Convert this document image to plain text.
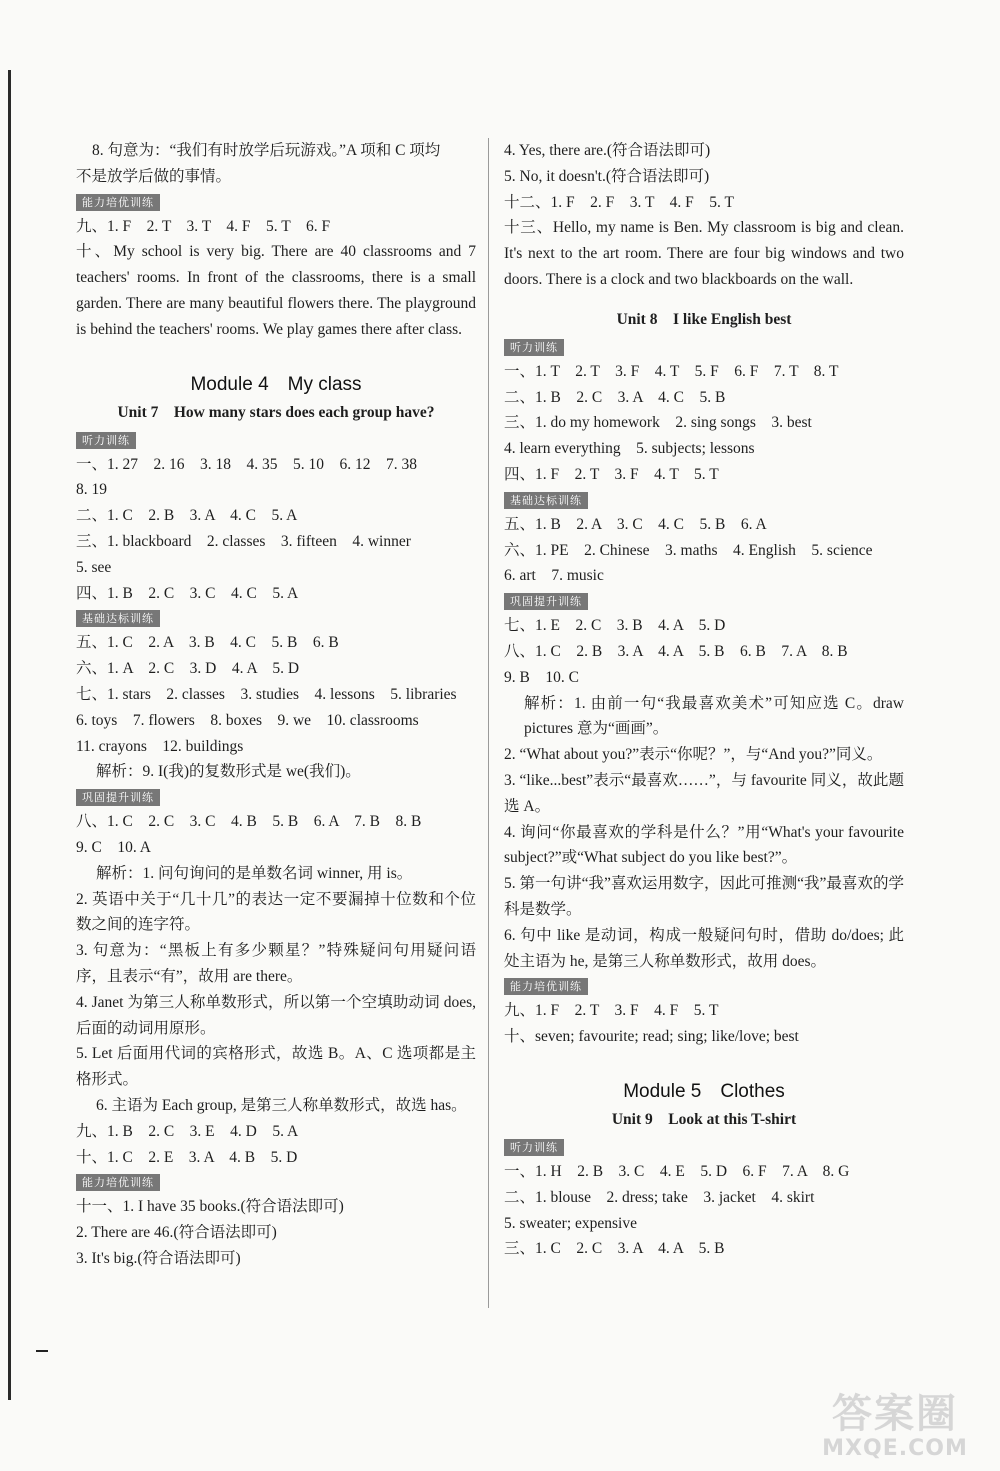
8. 句意为：“我们有时放学后玩游戏。”A 项和 C 项均
不是放学后做的事情。
能力培优训练
九、1. F　2. T　3. T　4. F　5. T　6. F
十、My school is very big. There are 40 classrooms and 7 teachers' rooms. In front of the classrooms, there is a small garden. There are many beautiful flowers there. The playground is behind the teachers' rooms. We play games there after class.
Module 4　My class
Unit 7　How many stars does each group have?
听力训练
一、1. 27　2. 16　3. 18　4. 35　5. 10　6. 12　7. 38
8. 19
二、1. C　2. B　3. A　4. C　5. A
三、1. blackboard　2. classes　3. fifteen　4. winner
5. see
四、1. B　2. C　3. C　4. C　5. A
基础达标训练
五、1. C　2. A　3. B　4. C　5. B　6. B
六、1. A　2. C　3. D　4. A　5. D
七、1. stars　2. classes　3. studies　4. lessons　5. libraries
6. toys　7. flowers　8. boxes　9. we　10. classrooms
11. crayons　12. buildings
解析：9. I(我)的复数形式是 we(我们)。
巩固提升训练
八、1. C　2. C　3. C　4. B　5. B　6. A　7. B　8. B
9. C　10. A
解析：1. 问句询问的是单数名词 winner, 用 is。
2. 英语中关于“几十几”的表达一定不要漏掉十位数和个位数之间的连字符。
3. 句意为：“黑板上有多少颗星？”特殊疑问句用疑问语序，且表示“有”，故用 are there。
4. Janet 为第三人称单数形式，所以第一个空填助动词 does, 后面的动词用原形。
5. Let 后面用代词的宾格形式，故选 B。A、C 选项都是主格形式。
6. 主语为 Each group, 是第三人称单数形式，故选 has。
九、1. B　2. C　3. E　4. D　5. A
十、1. C　2. E　3. A　4. B　5. D
能力培优训练
十一、1. I have 35 books.(符合语法即可)
2. There are 46.(符合语法即可)
3. It's big.(符合语法即可)
4. Yes, there are.(符合语法即可)
5. No, it doesn't.(符合语法即可)
十二、1. F　2. F　3. T　4. F　5. T
十三、Hello, my name is Ben. My classroom is big and clean. It's next to the art room. There are four big windows and two doors. There is a clock and two blackboards on the wall.
Unit 8　I like English best
听力训练
一、1. T　2. T　3. F　4. T　5. F　6. F　7. T　8. T
二、1. B　2. C　3. A　4. C　5. B
三、1. do my homework　2. sing songs　3. best
4. learn everything　5. subjects; lessons
四、1. F　2. T　3. F　4. T　5. T
基础达标训练
五、1. B　2. A　3. C　4. C　5. B　6. A
六、1. PE　2. Chinese　3. maths　4. English　5. science
6. art　7. music
巩固提升训练
七、1. E　2. C　3. B　4. A　5. D
八、1. C　2. B　3. A　4. A　5. B　6. B　7. A　8. B
9. B　10. C
解析：1. 由前一句“我最喜欢美术”可知应选 C。draw pictures 意为“画画”。
2. “What about you?”表示“你呢？”，与“And you?”同义。
3. “like...best”表示“最喜欢……”，与 favourite 同义，故此题选 A。
4. 询问“你最喜欢的学科是什么？”用“What's your favourite subject?”或“What subject do you like best?”。
5. 第一句讲“我”喜欢运用数字，因此可推测“我”最喜欢的学科是数学。
6. 句中 like 是动词，构成一般疑问句时，借助 do/does; 此处主语为 he, 是第三人称单数形式，故用 does。
能力培优训练
九、1. F　2. T　3. F　4. F　5. T
十、seven; favourite; read; sing; like/love; best
Module 5　Clothes
Unit 9　Look at this T-shirt
听力训练
一、1. H　2. B　3. C　4. E　5. D　6. F　7. A　8. G
二、1. blouse　2. dress; take　3. jacket　4. skirt
5. sweater; expensive
三、1. C　2. C　3. A　4. A　5. B
答案圈
MXQE.COM
